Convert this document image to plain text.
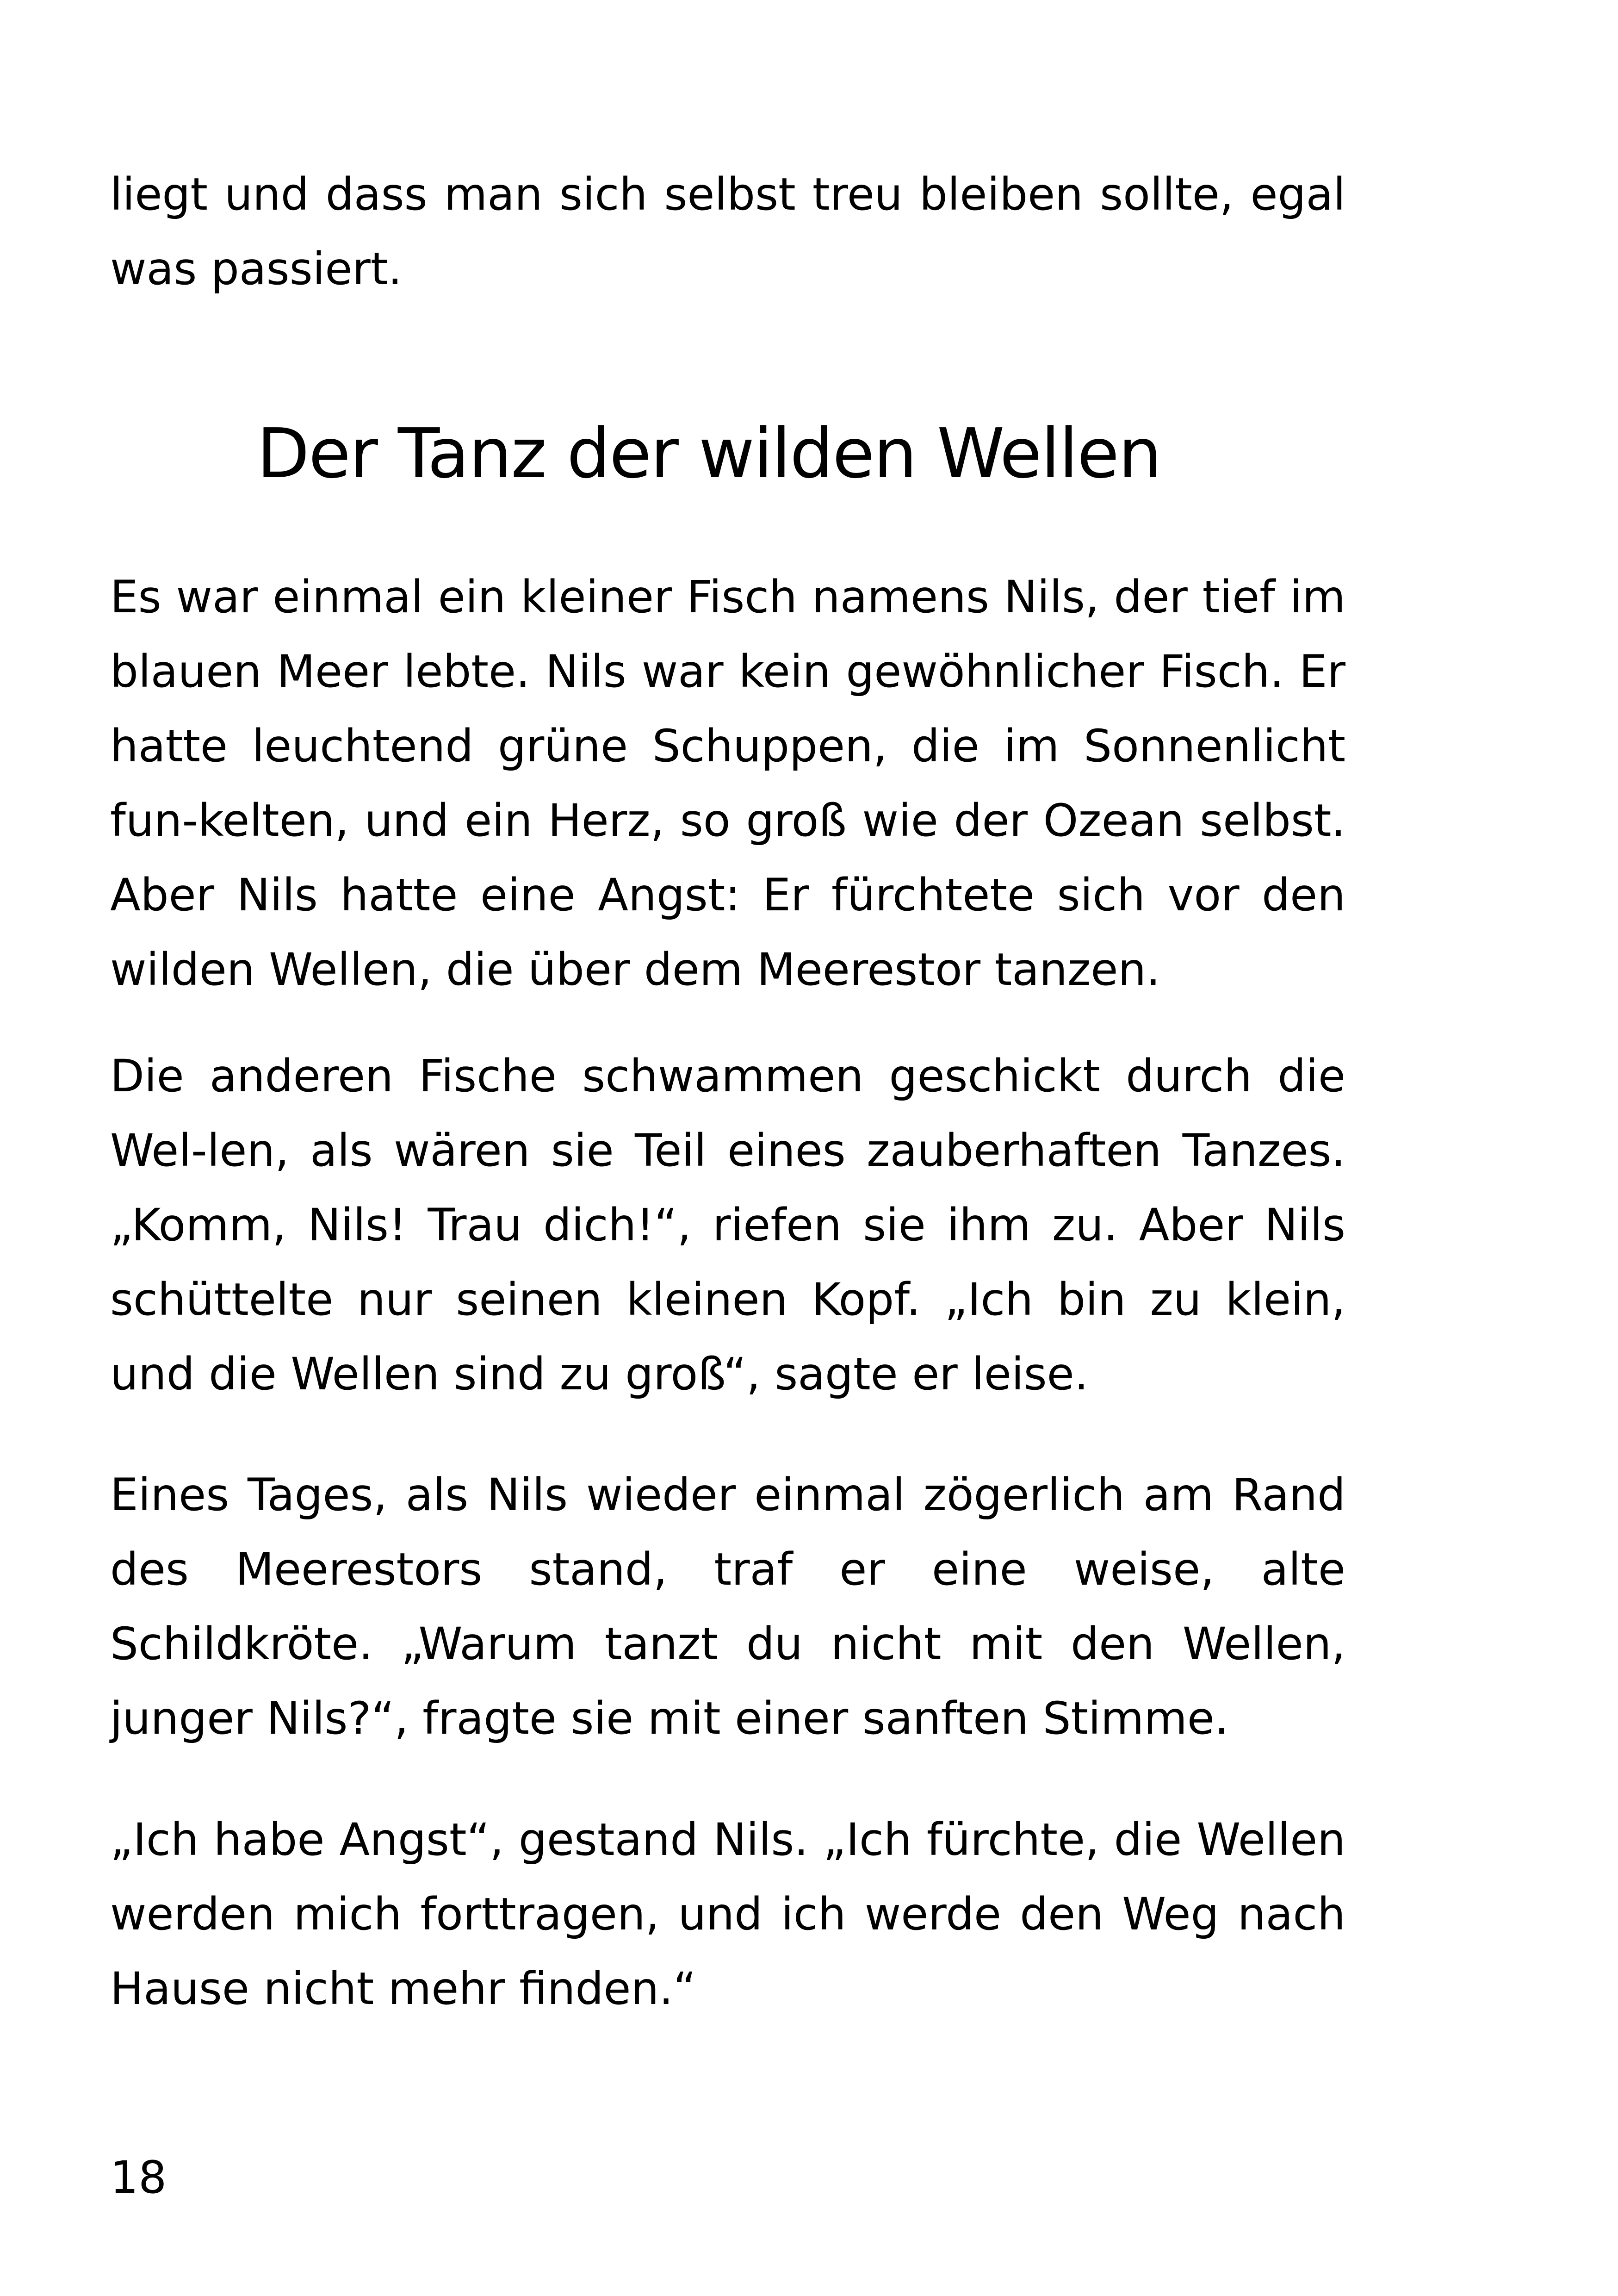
liegt und dass man sich selbst treu bleiben sollte, egal was passiert.

Der Tanz der wilden Wellen

Es war einmal ein kleiner Fisch namens Nils, der tief im blauen Meer lebte. Nils war kein gewöhnlicher Fisch. Er hatte leuchtend grüne Schuppen, die im Sonnenlicht fun-kelten, und ein Herz, so groß wie der Ozean selbst. Aber Nils hatte eine Angst: Er fürchtete sich vor den wilden Wellen, die über dem Meerestor tanzen.

Die anderen Fische schwammen geschickt durch die Wel-len, als wären sie Teil eines zauberhaften Tanzes. „Komm, Nils! Trau dich!“, riefen sie ihm zu. Aber Nils schüttelte nur seinen kleinen Kopf. „Ich bin zu klein, und die Wellen sind zu groß“, sagte er leise.

Eines Tages, als Nils wieder einmal zögerlich am Rand des Meerestors stand, traf er eine weise, alte Schildkröte. „Warum tanzt du nicht mit den Wellen, junger Nils?“, fragte sie mit einer sanften Stimme.

„Ich habe Angst“, gestand Nils. „Ich fürchte, die Wellen werden mich forttragen, und ich werde den Weg nach Hause nicht mehr finden.“

18
